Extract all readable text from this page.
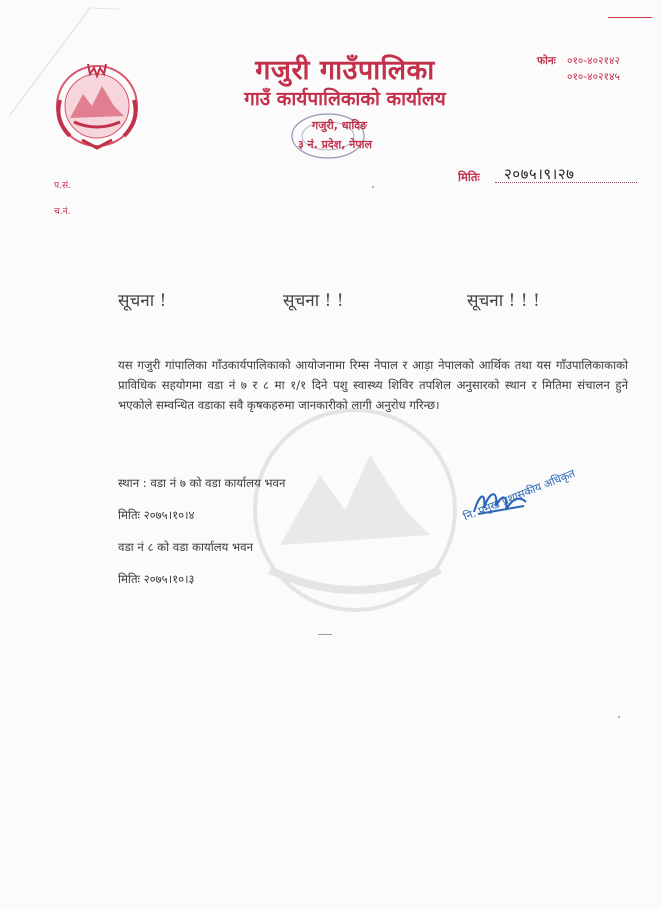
गजुरी गाउँपालिका
गाउँ कार्यपालिकाको कार्यालय
गजुरी, धादिङ
३ नं. प्रदेश, नेपाल
फोनः ०१०-४०२१४२
०१०-४०२१४५
प.सं.
च.नं.
मितिः २०७५।९।२७
सूचना !	सूचना ! !	सूचना ! ! !
यस गजुरी गांपालिका गाँउकार्यपालिकाको आयोजनामा रिम्स नेपाल र आड़ा नेपालको आर्थिक तथा यस गाँउपालिकाकाको प्राविधिक सहयोगमा वडा नं ७ र ८ मा १/१ दिने पशु स्वास्थ्य शिविर तपशिल अनुसारको स्थान र मितिमा संचालन हुने भएकोले सम्वन्धित वडाका सवै कृषकहरुमा जानकारीको लागी अनुरोध गरिन्छ।
स्थान : वडा नं ७ को वडा कार्यालय भवन
मितिः २०७५।१०।४
वडा नं ८ को वडा कार्यालय भवन
मितिः २०७५।१०।३
नि. प्रमुख प्रशासकीय अधिकृत
